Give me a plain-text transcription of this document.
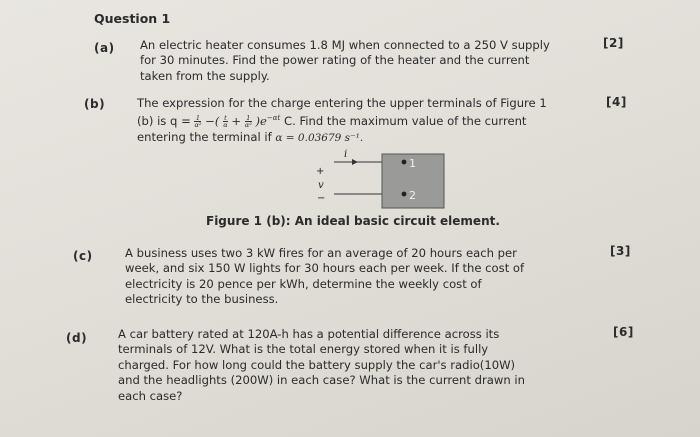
Question 1
(a)	[2]
An electric heater consumes 1.8 MJ when connected to a 250 V supply
for 30 minutes. Find the power rating of the heater and the current
taken from the supply.
(b)	[4]
The expression for the charge entering the upper terminals of Figure 1
(b) is $q = \frac{1}{\text{α²}}$ −( $\frac{t}{\alpha} + \frac{1}{\text{α²}} )e^{-\alpha t}$ C. Find the maximum value of the current
entering the terminal if α = 0.03679 s⁻¹.
i
+
v
−
1
2
Figure 1 (b): An ideal basic circuit element.
(c)	[3]
A business uses two 3 kW fires for an average of 20 hours each per
week, and six 150 W lights for 30 hours each per week. If the cost of
electricity is 20 pence per kWh, determine the weekly cost of
electricity to the business.
(d)	[6]
A car battery rated at 120A-h has a potential difference across its
terminals of 12V. What is the total energy stored when it is fully
charged. For how long could the battery supply the car's radio(10W)
and the headlights (200W) in each case? What is the current drawn in
each case?
